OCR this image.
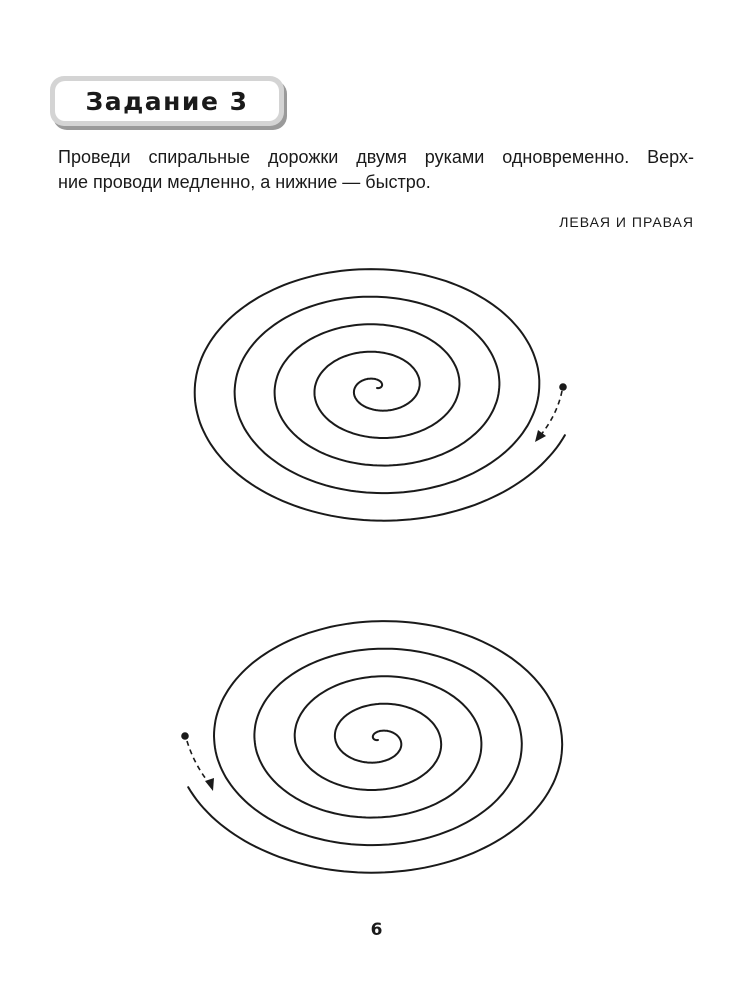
Задание 3
Проведи спиральные дорожки двумя руками одновременно. Верх-
ние проводи медленно, а нижние — быстро.
ЛЕВАЯ И ПРАВАЯ
6
